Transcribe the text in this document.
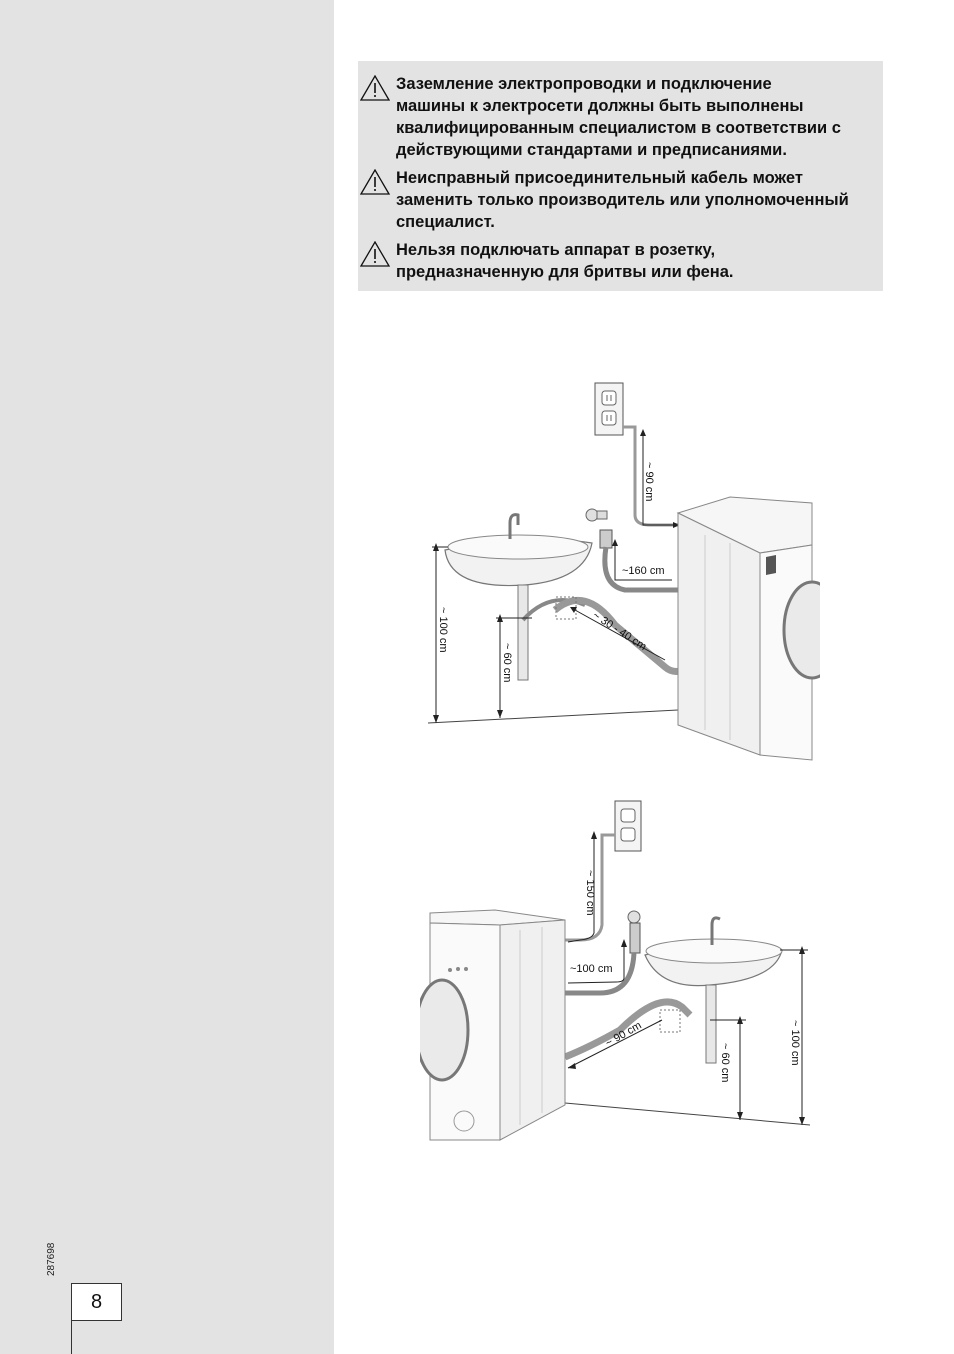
287698
8
Заземление электропроводки и подключение
машины к электросети должны быть выполнены
квалифицированным специалистом в соответствии с
действующими стандартами и предписаниями.
Неисправный присоединительный кабель может
заменить только производитель или уполномоченный
специалист.
Нельзя подключать аппарат в розетку,
предназначенную для бритвы или фена.
~ 90 cm
~160 cm
~ 30 - 40 cm
~ 100 cm
~ 60 cm
~ 150 cm
~100 cm
~ 90 cm
~ 60 cm	~ 100 cm
